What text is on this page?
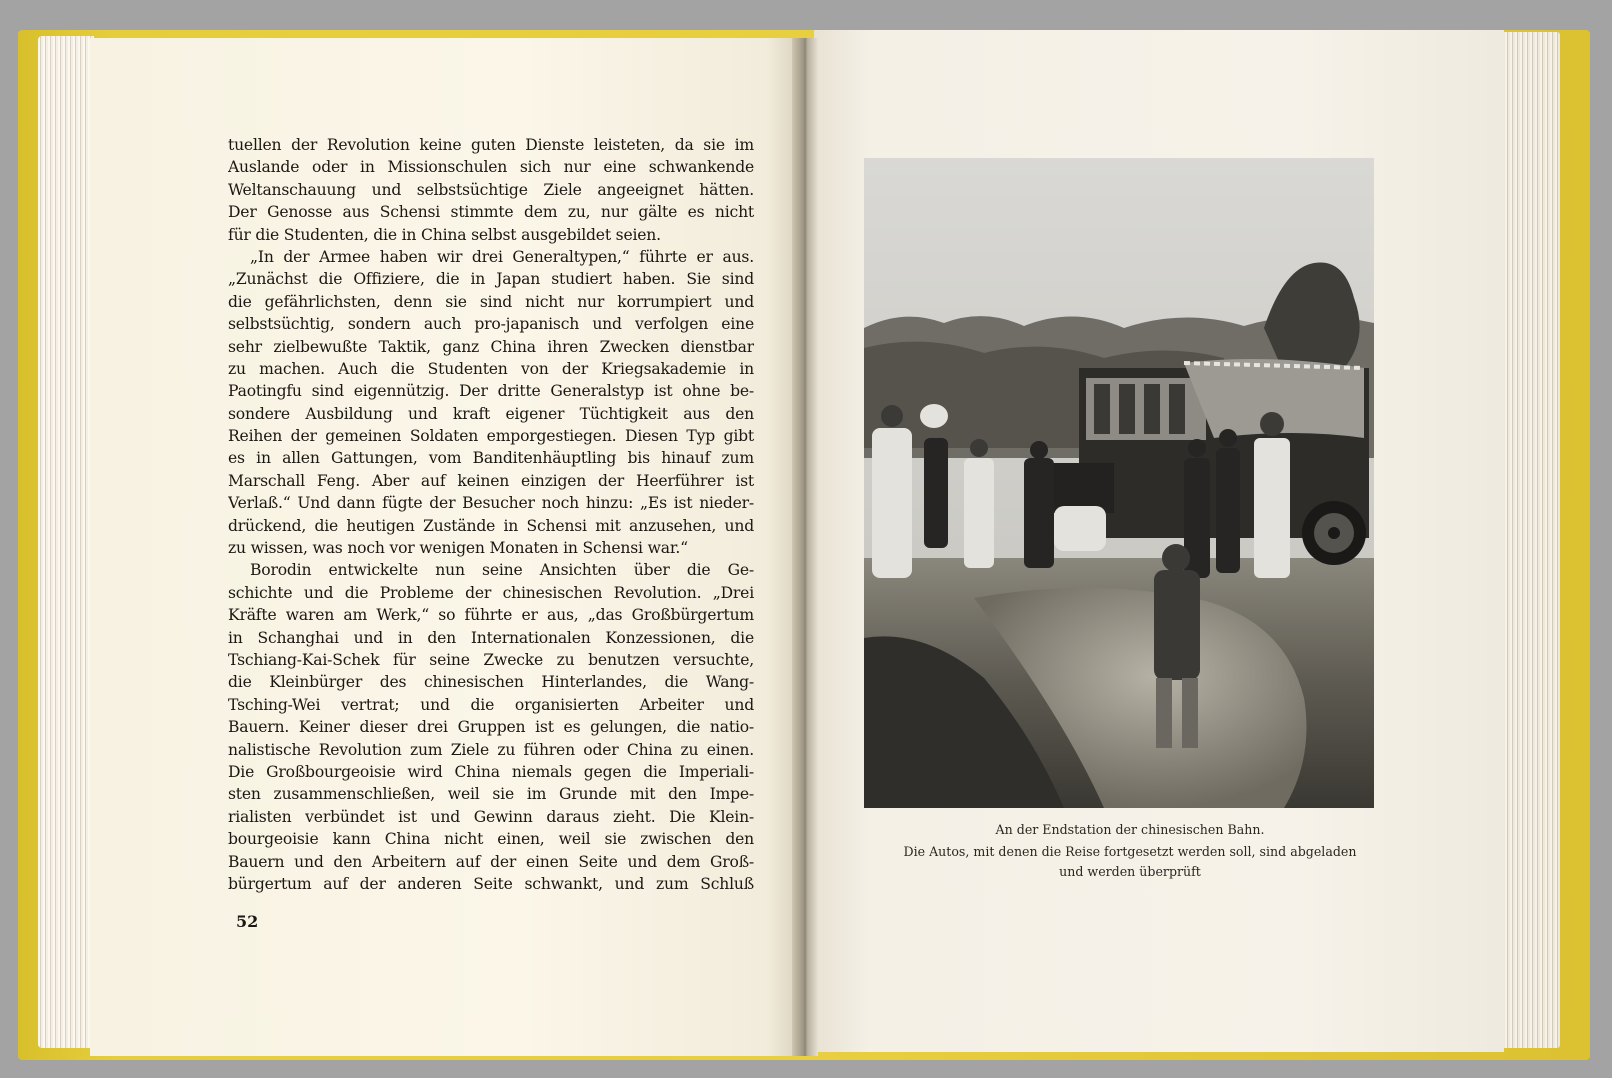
tuellen der Revolution keine guten Dienste leisteten, da sie im
Auslande oder in Missionschulen sich nur eine schwankende
Weltanschauung und selbstsüchtige Ziele angeeignet hätten.
Der Genosse aus Schensi stimmte dem zu, nur gälte es nicht
für die Studenten, die in China selbst ausgebildet seien.
„In der Armee haben wir drei Generaltypen,“ führte er aus.
„Zunächst die Offiziere, die in Japan studiert haben. Sie sind
die gefährlichsten, denn sie sind nicht nur korrumpiert und
selbstsüchtig, sondern auch pro-japanisch und verfolgen eine
sehr zielbewußte Taktik, ganz China ihren Zwecken dienstbar
zu machen. Auch die Studenten von der Kriegsakademie in
Paotingfu sind eigennützig. Der dritte Generalstyp ist ohne be-
sondere Ausbildung und kraft eigener Tüchtigkeit aus den
Reihen der gemeinen Soldaten emporgestiegen. Diesen Typ gibt
es in allen Gattungen, vom Banditenhäuptling bis hinauf zum
Marschall Feng. Aber auf keinen einzigen der Heerführer ist
Verlaß.“ Und dann fügte der Besucher noch hinzu: „Es ist nieder-
drückend, die heutigen Zustände in Schensi mit anzusehen, und
zu wissen, was noch vor wenigen Monaten in Schensi war.“
Borodin entwickelte nun seine Ansichten über die Ge-
schichte und die Probleme der chinesischen Revolution. „Drei
Kräfte waren am Werk,“ so führte er aus, „das Großbürgertum
in Schanghai und in den Internationalen Konzessionen, die
Tschiang-Kai-Schek für seine Zwecke zu benutzen versuchte,
die Kleinbürger des chinesischen Hinterlandes, die Wang-
Tsching-Wei vertrat; und die organisierten Arbeiter und
Bauern. Keiner dieser drei Gruppen ist es gelungen, die natio-
nalistische Revolution zum Ziele zu führen oder China zu einen.
Die Großbourgeoisie wird China niemals gegen die Imperiali-
sten zusammenschließen, weil sie im Grunde mit den Impe-
rialisten verbündet ist und Gewinn daraus zieht. Die Klein-
bourgeoisie kann China nicht einen, weil sie zwischen den
Bauern und den Arbeitern auf der einen Seite und dem Groß-
bürgertum auf der anderen Seite schwankt, und zum Schluß
52

An der Endstation der chinesischen Bahn.

Die Autos, mit denen die Reise fortgesetzt werden soll, sind abgeladen

und werden überprüft
